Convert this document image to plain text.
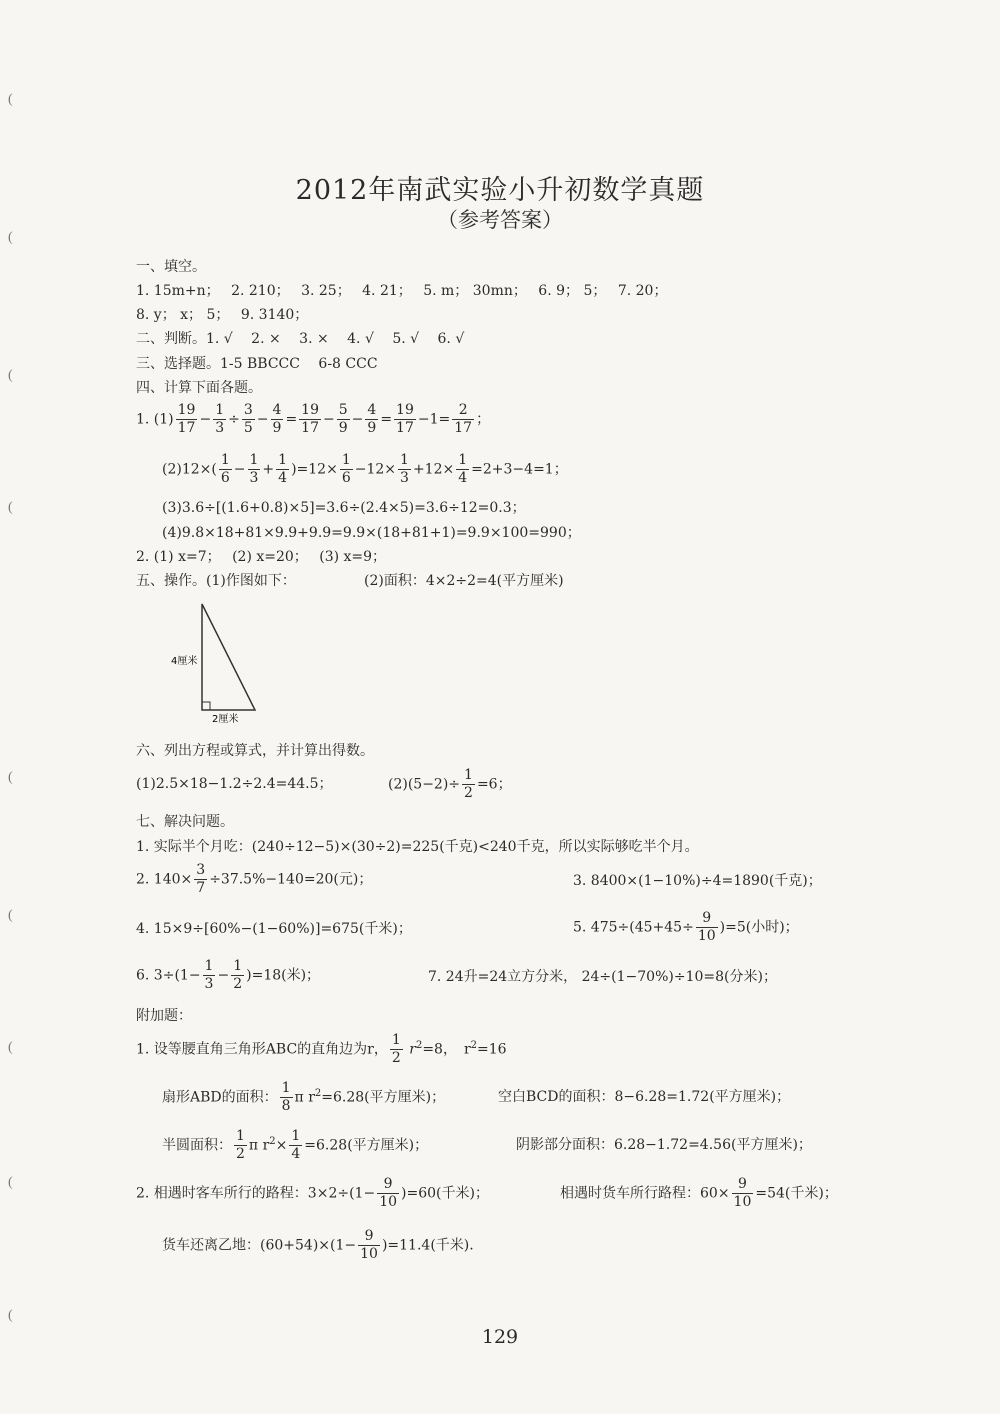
(
(
(
(
(
(
(
(
(
2012年南武实验小升初数学真题
（参考答案）
一、填空。
1. 15m+n；　 2. 210；　 3. 25；　 4. 21；　 5. m； 30mn；　 6. 9； 5；　 7. 20；
8. y； x； 5；　 9. 3140；
二、判断。1. √　 2. ×　 3. ×　 4. √　 5. √　 6. √
三、选择题。1-5 BBCCC　 6-8 CCC
四、计算下面各题。
1. $(1) \frac{19}{17} - \frac{1}{3} \div \frac{3}{5} - \frac{4}{9} = \frac{19}{17} - \frac{5}{9} - \frac{4}{9} = \frac{19}{17} -1= \frac{2}{17}$ ；
$(2)12\times( \frac{1}{6} - \frac{1}{3} + \frac{1}{4} )=12\times \frac{1}{6} -12\times \frac{1}{3} +12\times \frac{1}{4} =2+3-4=1$；
(3)3.6÷[(1.6+0.8)×5]=3.6÷(2.4×5)=3.6÷12=0.3；
(4)9.8×18+81×9.9+9.9=9.9×(18+81+1)=9.9×100=990；
2. (1) x=7；　 (2) x=20；　 (3) x=9；
五、操作。(1)作图如下：	(2)面积：4×2÷2=4(平方厘米)
4厘米
2厘米
六、列出方程或算式，并计算出得数。
(1)2.5×18−1.2÷2.4=44.5；	$(2)(5-2)\div \frac{1}{2} =6$；
七、解决问题。
1. 实际半个月吃：(240÷12−5)×(30÷2)=225(千克)<240千克，所以实际够吃半个月。
2. $140\times \frac{3}{7} \div 37.5\%-140=20$(元)；	3. 8400×(1−10%)÷4=1890(千克)；
4. 15×9÷[60%−(1−60%)]=675(千米)；	5. $475\div(45+45\div \frac{9}{10} )=5$(小时)；
6. $3\div(1- \frac{1}{3} - \frac{1}{2} )=18$(米)；	7. 24升=24立方分米， 24÷(1−70%)÷10=8(分米)；
附加题：
1. 设等腰直角三角形ABC的直角边为r， $\frac{1}{2} r^2=8$，　$r^2=16$
扇形ABD的面积： $\frac{1}{8}$ π $r^2=6.28$(平方厘米)；	空白BCD的面积：8−6.28=1.72(平方厘米)；
半圆面积： $\frac{1}{2}$ π $r^2\times \frac{1}{4} =6.28$(平方厘米)；	阴影部分面积：6.28−1.72=4.56(平方厘米)；
2. 相遇时客车所行的路程：$3\times 2\div(1- \frac{9}{10} )=60$(千米)；	相遇时货车所行路程：$60\times \frac{9}{10} =54$(千米)；
货车还离乙地：$(60+54)\times(1- \frac{9}{10} )=11.4$(千米).
129
